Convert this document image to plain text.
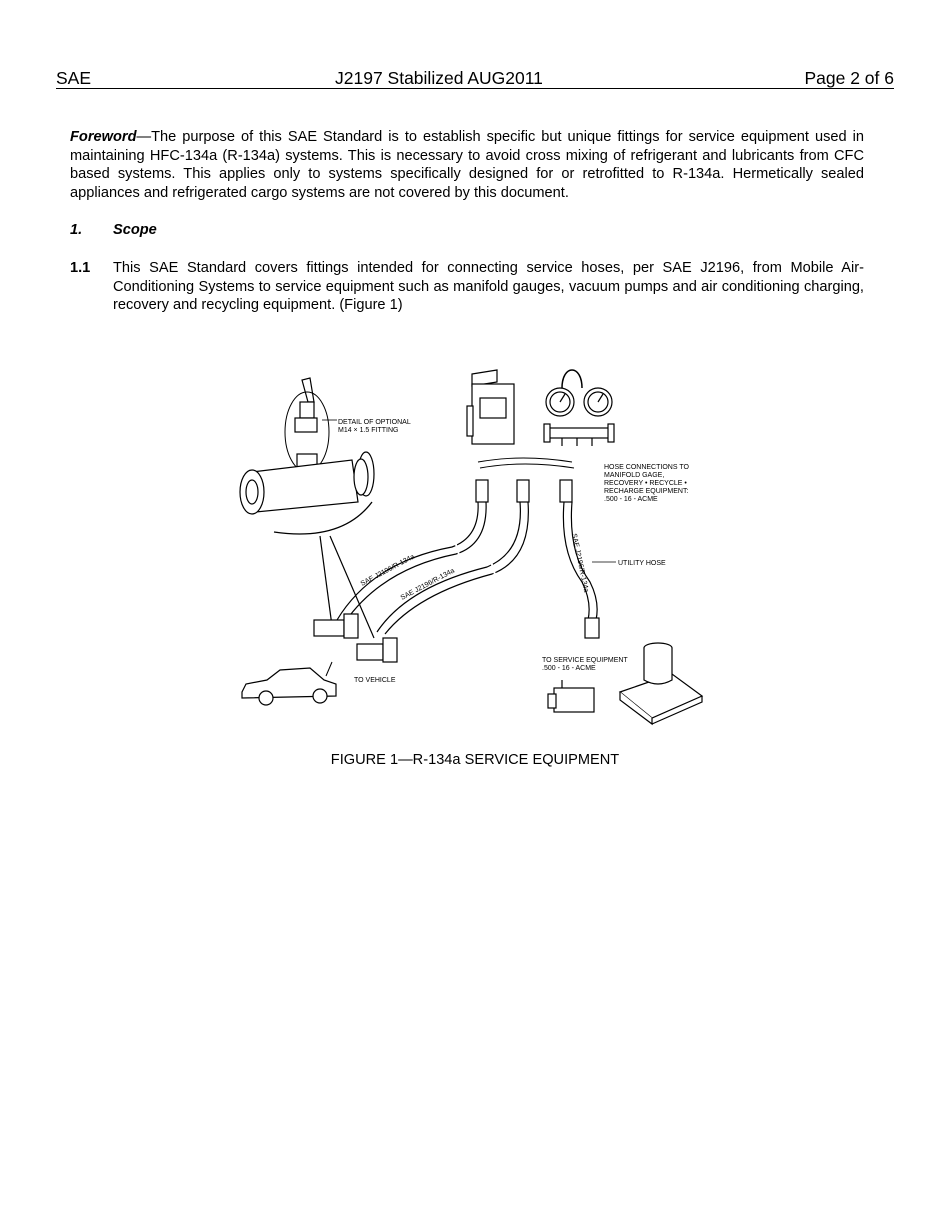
SAE	J2197 Stabilized AUG2011	Page 2 of 6
Foreword—The purpose of this SAE Standard is to establish specific but unique fittings for service equipment used in maintaining HFC-134a (R-134a) systems. This is necessary to avoid cross mixing of refrigerant and lubricants from CFC based systems. This applies only to systems specifically designed for or retrofitted to R-134a. Hermetically sealed appliances and refrigerated cargo systems are not covered by this document.
1. Scope
1.1 This SAE Standard covers fittings intended for connecting service hoses, per SAE J2196, from Mobile Air-Conditioning Systems to service equipment such as manifold gauges, vacuum pumps and air conditioning charging, recovery and recycling equipment. (Figure 1)
DETAIL OF OPTIONAL
M14 × 1.5 FITTING
HOSE CONNECTIONS TO
MANIFOLD GAGE,
RECOVERY • RECYCLE •
RECHARGE EQUIPMENT:
.500 - 16 - ACME
SAE J2196/R-134a
SAE J2196/R-134a	SAE J2196/R-134a	UTILITY HOSE
TO VEHICLE
TO SERVICE EQUIPMENT
.500 - 16 - ACME
FIGURE 1—R-134a SERVICE EQUIPMENT
